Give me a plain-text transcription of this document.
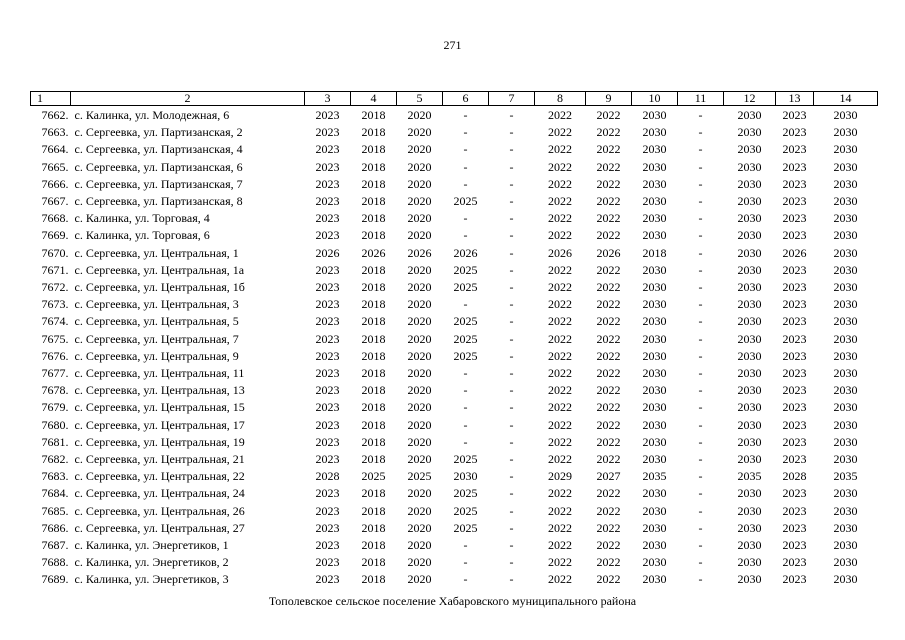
271
1	2	3	4	5	6	7	8	9	10	11	12	13	14
7662.	с. Калинка, ул. Молодежная, 6	2023	2018	2020	-	-	2022	2022	2030	-	2030	2023	2030
7663.	с. Сергеевка, ул. Партизанская, 2	2023	2018	2020	-	-	2022	2022	2030	-	2030	2023	2030
7664.	с. Сергеевка, ул. Партизанская, 4	2023	2018	2020	-	-	2022	2022	2030	-	2030	2023	2030
7665.	с. Сергеевка, ул. Партизанская, 6	2023	2018	2020	-	-	2022	2022	2030	-	2030	2023	2030
7666.	с. Сергеевка, ул. Партизанская, 7	2023	2018	2020	-	-	2022	2022	2030	-	2030	2023	2030
7667.	с. Сергеевка, ул. Партизанская, 8	2023	2018	2020	2025	-	2022	2022	2030	-	2030	2023	2030
7668.	с. Калинка, ул. Торговая, 4	2023	2018	2020	-	-	2022	2022	2030	-	2030	2023	2030
7669.	с. Калинка, ул. Торговая, 6	2023	2018	2020	-	-	2022	2022	2030	-	2030	2023	2030
7670.	с. Сергеевка, ул. Центральная, 1	2026	2026	2026	2026	-	2026	2026	2018	-	2030	2026	2030
7671.	с. Сергеевка, ул. Центральная, 1а	2023	2018	2020	2025	-	2022	2022	2030	-	2030	2023	2030
7672.	с. Сергеевка, ул. Центральная, 1б	2023	2018	2020	2025	-	2022	2022	2030	-	2030	2023	2030
7673.	с. Сергеевка, ул. Центральная, 3	2023	2018	2020	-	-	2022	2022	2030	-	2030	2023	2030
7674.	с. Сергеевка, ул. Центральная, 5	2023	2018	2020	2025	-	2022	2022	2030	-	2030	2023	2030
7675.	с. Сергеевка, ул. Центральная, 7	2023	2018	2020	2025	-	2022	2022	2030	-	2030	2023	2030
7676.	с. Сергеевка, ул. Центральная, 9	2023	2018	2020	2025	-	2022	2022	2030	-	2030	2023	2030
7677.	с. Сергеевка, ул. Центральная, 11	2023	2018	2020	-	-	2022	2022	2030	-	2030	2023	2030
7678.	с. Сергеевка, ул. Центральная, 13	2023	2018	2020	-	-	2022	2022	2030	-	2030	2023	2030
7679.	с. Сергеевка, ул. Центральная, 15	2023	2018	2020	-	-	2022	2022	2030	-	2030	2023	2030
7680.	с. Сергеевка, ул. Центральная, 17	2023	2018	2020	-	-	2022	2022	2030	-	2030	2023	2030
7681.	с. Сергеевка, ул. Центральная, 19	2023	2018	2020	-	-	2022	2022	2030	-	2030	2023	2030
7682.	с. Сергеевка, ул. Центральная, 21	2023	2018	2020	2025	-	2022	2022	2030	-	2030	2023	2030
7683.	с. Сергеевка, ул. Центральная, 22	2028	2025	2025	2030	-	2029	2027	2035	-	2035	2028	2035
7684.	с. Сергеевка, ул. Центральная, 24	2023	2018	2020	2025	-	2022	2022	2030	-	2030	2023	2030
7685.	с. Сергеевка, ул. Центральная, 26	2023	2018	2020	2025	-	2022	2022	2030	-	2030	2023	2030
7686.	с. Сергеевка, ул. Центральная, 27	2023	2018	2020	2025	-	2022	2022	2030	-	2030	2023	2030
7687.	с. Калинка, ул. Энергетиков, 1	2023	2018	2020	-	-	2022	2022	2030	-	2030	2023	2030
7688.	с. Калинка, ул. Энергетиков, 2	2023	2018	2020	-	-	2022	2022	2030	-	2030	2023	2030
7689.	с. Калинка, ул. Энергетиков, 3	2023	2018	2020	-	-	2022	2022	2030	-	2030	2023	2030
Тополевское сельское поселение Хабаровского муниципального района
